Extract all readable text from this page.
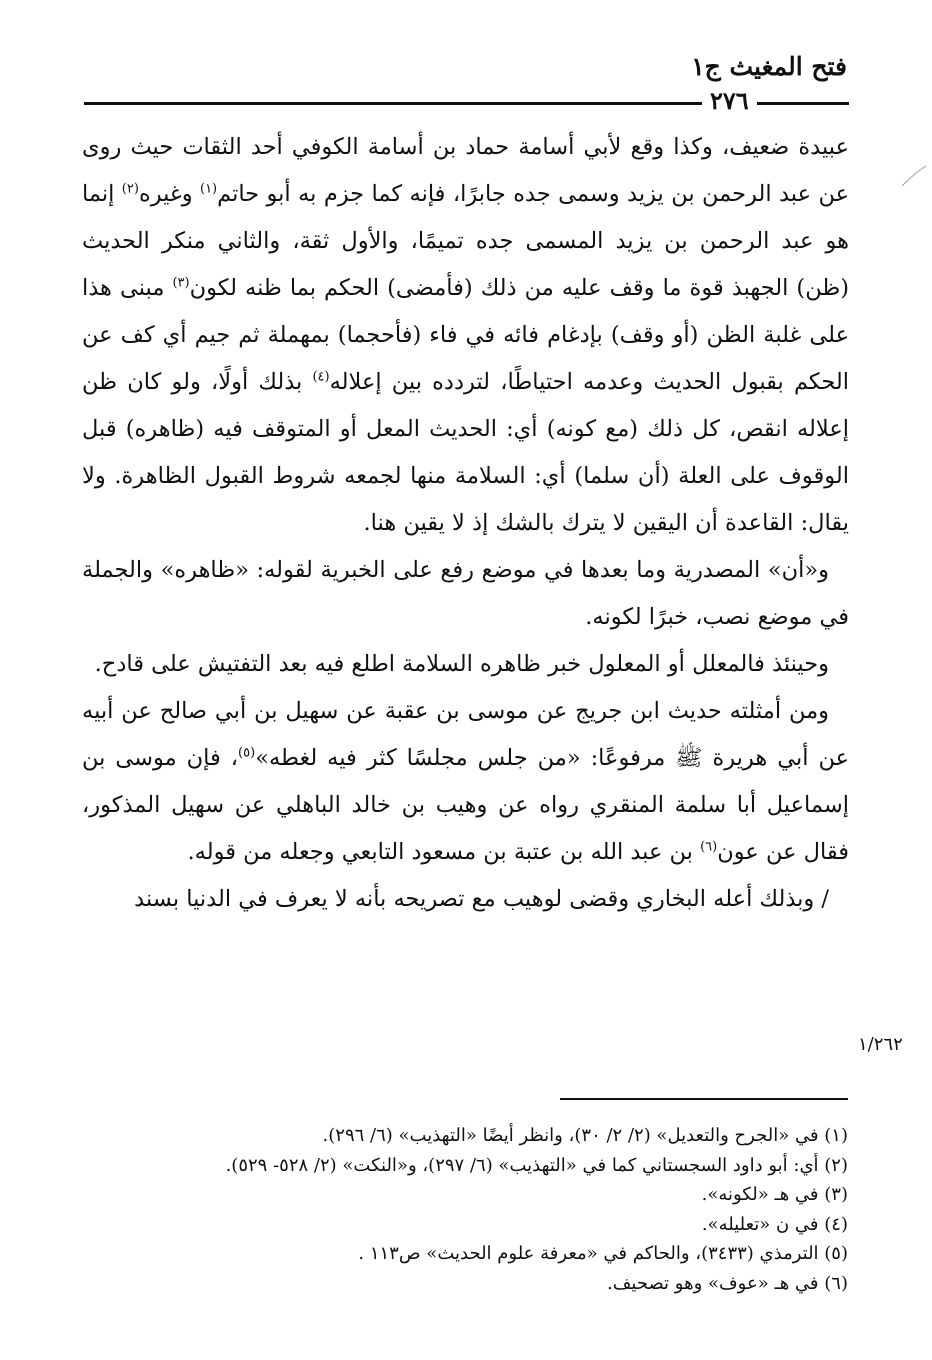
فتح المغيث ج١
٢٧٦

عبيدة ضعيف، وكذا وقع لأبي أسامة حماد بن أسامة الكوفي أحد الثقات حيث روى عن عبد الرحمن بن يزيد وسمى جده جابرًا، فإنه كما جزم به أبو حاتم$^{(١)}$ وغيره$^{(٢)}$ إنما هو عبد الرحمن بن يزيد المسمى جده تميمًا، والأول ثقة، والثاني منكر الحديث (ظن) الجهبذ قوة ما وقف عليه من ذلك (فأمضى) الحكم بما ظنه لكون$^{(٣)}$ مبنى هذا على غلبة الظن (أو وقف) بإدغام فائه في فاء (فأحجما) بمهملة ثم جيم أي كف عن الحكم بقبول الحديث وعدمه احتياطًا، لتردده بين إعلاله$^{(٤)}$ بذلك أولًا، ولو كان ظن إعلاله انقص، كل ذلك (مع كونه) أي: الحديث المعل أو المتوقف فيه (ظاهره) قبل الوقوف على العلة (أن سلما) أي: السلامة منها لجمعه شروط القبول الظاهرة. ولا يقال: القاعدة أن اليقين لا يترك بالشك إذ لا يقين هنا.

و«أن» المصدرية وما بعدها في موضع رفع على الخبرية لقوله: «ظاهره» والجملة في موضع نصب، خبرًا لكونه.

وحينئذ فالمعلل أو المعلول خبر ظاهره السلامة اطلع فيه بعد التفتيش على قادح.

ومن أمثلته حديث ابن جريج عن موسى بن عقبة عن سهيل بن أبي صالح عن أبيه عن أبي هريرة ﷺ مرفوعًا: «من جلس مجلسًا كثر فيه لغطه»$^{(٥)}$، فإن موسى بن إسماعيل أبا سلمة المنقري رواه عن وهيب بن خالد الباهلي عن سهيل المذكور، فقال عن عون$^{(٦)}$ بن عبد الله بن عتبة بن مسعود التابعي وجعله من قوله.

/ وبذلك أعله البخاري وقضى لوهيب مع تصريحه بأنه لا يعرف في الدنيا بسند

١/٢٦٢
(١) في «الجرح والتعديل» (٢/ ٢/ ٣٠)، وانظر أيضًا «التهذيب» (٦/ ٢٩٦).
(٢) أي: أبو داود السجستاني كما في «التهذيب» (٦/ ٢٩٧)، و«النكت» (٢/ ٥٢٨- ٥٢٩).
(٣) في هـ «لكونه».
(٤) في ن «تعليله».
(٥) الترمذي (٣٤٣٣)، والحاكم في «معرفة علوم الحديث» ص١١٣ .
(٦) في هـ «عوف» وهو تصحيف.
